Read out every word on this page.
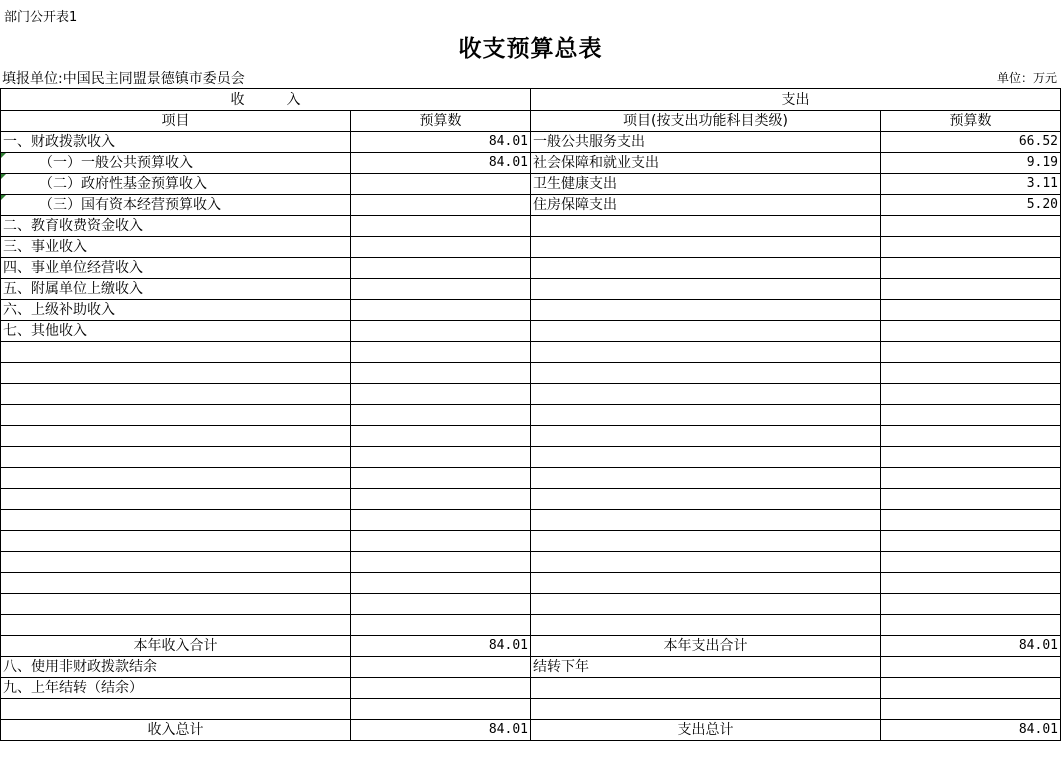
部门公开表1
收支预算总表
填报单位:中国民主同盟景德镇市委员会	单位：万元
收　　　入		支出	
项目	预算数	项目(按支出功能科目类级)	预算数
一、财政拨款收入	84.01	一般公共服务支出	66.52
（一）一般公共预算收入	84.01	社会保障和就业支出	9.19
（二）政府性基金预算收入		卫生健康支出	3.11
（三）国有资本经营预算收入		住房保障支出	5.20
二、教育收费资金收入			
三、事业收入			
四、事业单位经营收入			
五、附属单位上缴收入			
六、上级补助收入			
七、其他收入			

本年收入合计	84.01	本年支出合计	84.01
八、使用非财政拨款结余		结转下年	
九、上年结转（结余）			

收入总计	84.01	支出总计	84.01
